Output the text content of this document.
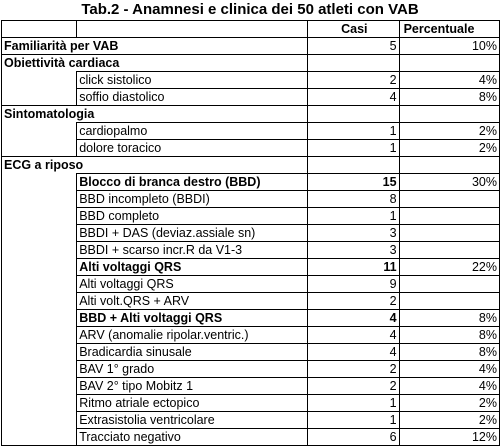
Tab.2 - Anamnesi e clinica dei 50 atleti con VAB
		Casi	Percentuale
Familiarità per VAB		5	10%
Obiettività cardiaca			
	click sistolico	2	4%
	soffio diastolico	4	8%
Sintomatologia			
	cardiopalmo	1	2%
	dolore toracico	1	2%
ECG a riposo			
	Blocco di branca destro (BBD)	15	30%
	BBD incompleto (BBDI)	8	
	BBD completo	1	
	BBDI + DAS (deviaz.assiale sn)	3	
	BBDI + scarso incr.R da V1-3	3	
	Alti voltaggi QRS	11	22%
	Alti voltaggi QRS	9	
	Alti volt.QRS + ARV	2	
	BBD + Alti voltaggi QRS	4	8%
	ARV (anomalie ripolar.ventric.)	4	8%
	Bradicardia sinusale	4	8%
	BAV 1° grado	2	4%
	BAV 2° tipo Mobitz 1	2	4%
	Ritmo atriale ectopico	1	2%
	Extrasistolia ventricolare	1	2%
	Tracciato negativo	6	12%
